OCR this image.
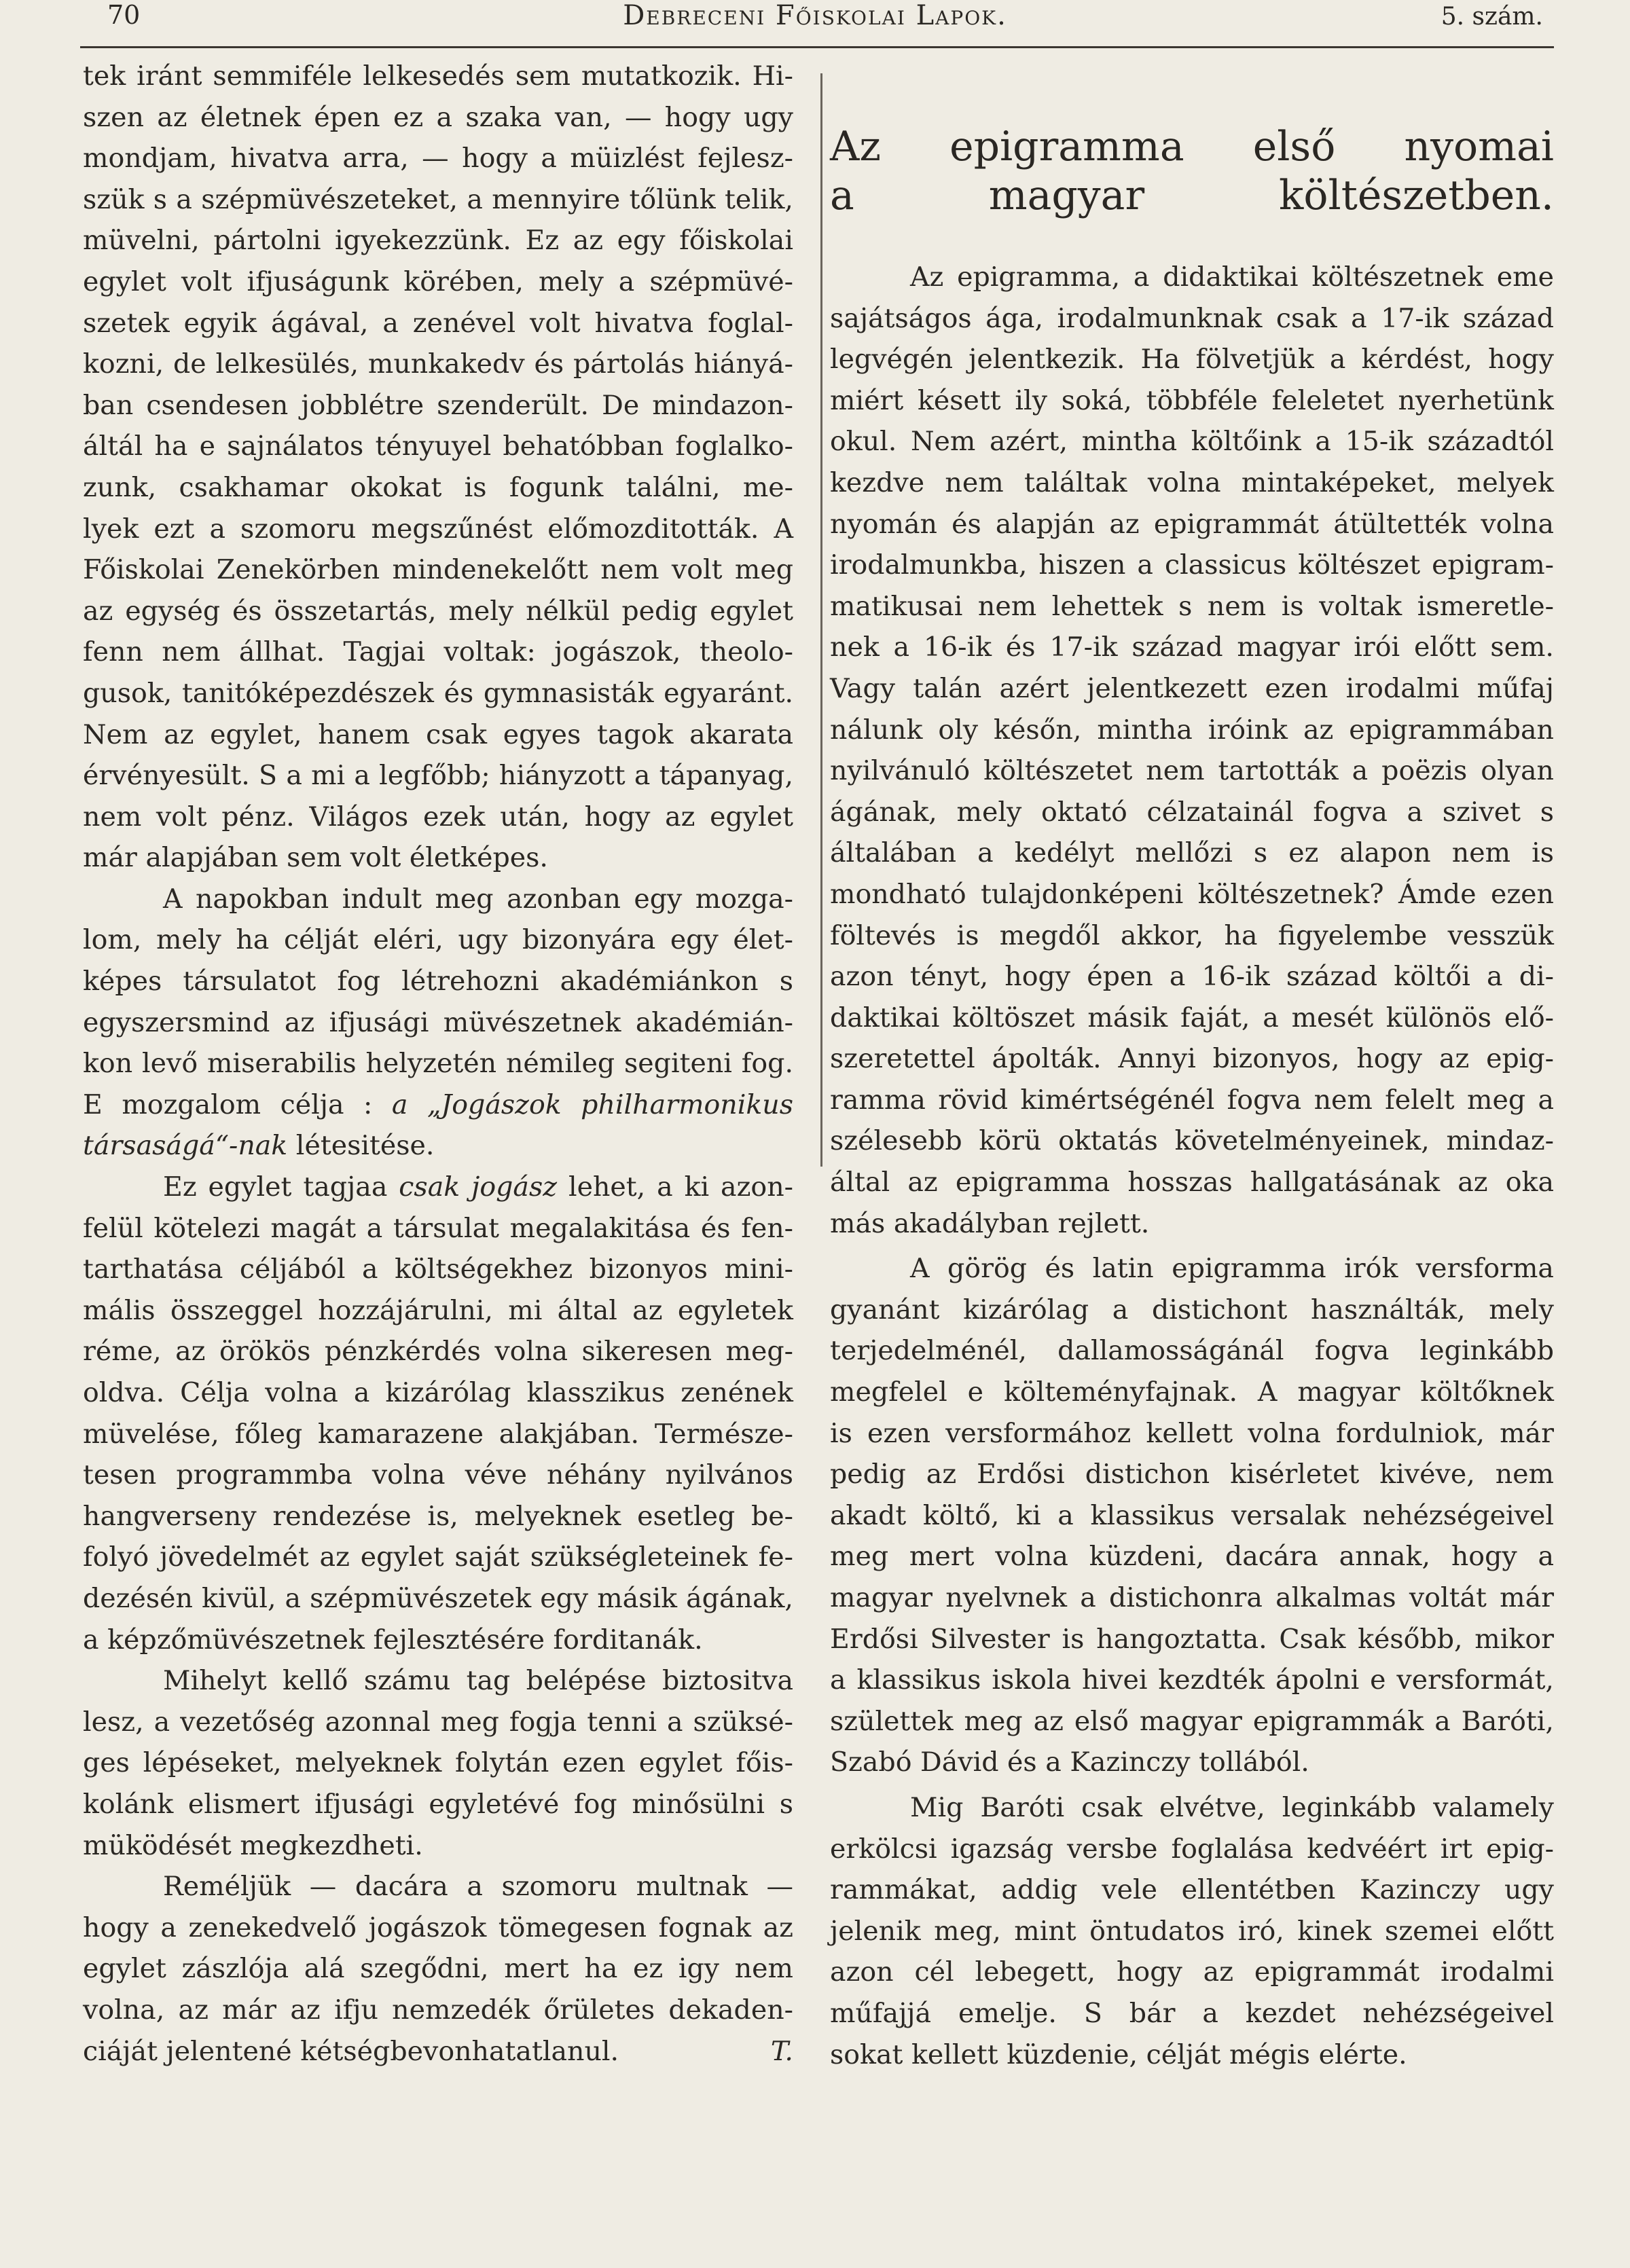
70	Debreceni Főiskolai Lapok.	5. szám.
tek iránt semmiféle lelkesedés sem mutatkozik. Hi-
szen az életnek épen ez a szaka van, — hogy ugy
mondjam, hivatva arra, — hogy a müizlést fejlesz-
szük s a szépmüvészeteket, a mennyire tőlünk telik,
müvelni, pártolni igyekezzünk. Ez az egy főiskolai
egylet volt ifjuságunk körében, mely a szépmüvé-
szetek egyik ágával, a zenével volt hivatva foglal-
kozni, de lelkesülés, munkakedv és pártolás hiányá-
ban csendesen jobblétre szenderült. De mindazon-
áltál ha e sajnálatos tényuyel behatóbban foglalko-
zunk, csakhamar okokat is fogunk találni, me-
lyek ezt a szomoru megszűnést előmozditották. A
Főiskolai Zenekörben mindenekelőtt nem volt meg
az egység és összetartás, mely nélkül pedig egylet
fenn nem állhat. Tagjai voltak: jogászok, theolo-
gusok, tanitóképezdészek és gymnasisták egyaránt.
Nem az egylet, hanem csak egyes tagok akarata
érvényesült. S a mi a legfőbb; hiányzott a tápanyag,
nem volt pénz. Világos ezek után, hogy az egylet
már alapjában sem volt életképes.
A napokban indult meg azonban egy mozga-
lom, mely ha célját eléri, ugy bizonyára egy élet-
képes társulatot fog létrehozni akadémiánkon s
egyszersmind az ifjusági müvészetnek akadémián-
kon levő miserabilis helyzetén némileg segiteni fog.
E mozgalom célja : a „Jogászok philharmonikus
társaságá“-nak létesitése.
Ez egylet tagjaa csak jogász lehet, a ki azon-
felül kötelezi magát a társulat megalakitása és fen-
tarthatása céljából a költségekhez bizonyos mini-
mális összeggel hozzájárulni, mi által az egyletek
réme, az örökös pénzkérdés volna sikeresen meg-
oldva. Célja volna a kizárólag klasszikus zenének
müvelése, főleg kamarazene alakjában. Természe-
tesen programmba volna véve néhány nyilvános
hangverseny rendezése is, melyeknek esetleg be-
folyó jövedelmét az egylet saját szükségleteinek fe-
dezésén kivül, a szépmüvészetek egy másik ágának,
a képzőmüvészetnek fejlesztésére forditanák.
Mihelyt kellő számu tag belépése biztositva
lesz, a vezetőség azonnal meg fogja tenni a szüksé-
ges lépéseket, melyeknek folytán ezen egylet főis-
kolánk elismert ifjusági egyletévé fog minősülni s
müködését megkezdheti.
Reméljük — dacára a szomoru multnak —
hogy a zenekedvelő jogászok tömegesen fognak az
egylet zászlója alá szegődni, mert ha ez igy nem
volna, az már az ifju nemzedék őrületes dekaden-
T.
ciáját jelentené kétségbevonhatatlanul.
Az epigramma első nyomai
a magyar költészetben.
Az epigramma, a didaktikai költészetnek eme
sajátságos ága, irodalmunknak csak a 17-ik század
legvégén jelentkezik. Ha fölvetjük a kérdést, hogy
miért késett ily soká, többféle feleletet nyerhetünk
okul. Nem azért, mintha költőink a 15-ik századtól
kezdve nem találtak volna mintaképeket, melyek
nyomán és alapján az epigrammát átültették volna
irodalmunkba, hiszen a classicus költészet epigram-
matikusai nem lehettek s nem is voltak ismeretle-
nek a 16-ik és 17-ik század magyar irói előtt sem.
Vagy talán azért jelentkezett ezen irodalmi műfaj
nálunk oly későn, mintha iróink az epigrammában
nyilvánuló költészetet nem tartották a poëzis olyan
ágának, mely oktató célzatainál fogva a szivet s
általában a kedélyt mellőzi s ez alapon nem is
mondható tulajdonképeni költészetnek? Ámde ezen
föltevés is megdől akkor, ha figyelembe vesszük
azon tényt, hogy épen a 16-ik század költői a di-
daktikai költöszet másik faját, a mesét különös elő-
szeretettel ápolták. Annyi bizonyos, hogy az epig-
ramma rövid kimértségénél fogva nem felelt meg a
szélesebb körü oktatás követelményeinek, mindaz-
által az epigramma hosszas hallgatásának az oka
más akadályban rejlett.
A görög és latin epigramma irók versforma
gyanánt kizárólag a distichont használták, mely
terjedelménél, dallamosságánál fogva leginkább
megfelel e költeményfajnak. A magyar költőknek
is ezen versformához kellett volna fordulniok, már
pedig az Erdősi distichon kisérletet kivéve, nem
akadt költő, ki a klassikus versalak nehézségeivel
meg mert volna küzdeni, dacára annak, hogy a
magyar nyelvnek a distichonra alkalmas voltát már
Erdősi Silvester is hangoztatta. Csak később, mikor
a klassikus iskola hivei kezdték ápolni e versformát,
születtek meg az első magyar epigrammák a Baróti,
Szabó Dávid és a Kazinczy tollából.
Mig Baróti csak elvétve, leginkább valamely
erkölcsi igazság versbe foglalása kedvéért irt epig-
rammákat, addig vele ellentétben Kazinczy ugy
jelenik meg, mint öntudatos iró, kinek szemei előtt
azon cél lebegett, hogy az epigrammát irodalmi
műfajjá emelje. S bár a kezdet nehézségeivel
sokat kellett küzdenie, célját mégis elérte.
